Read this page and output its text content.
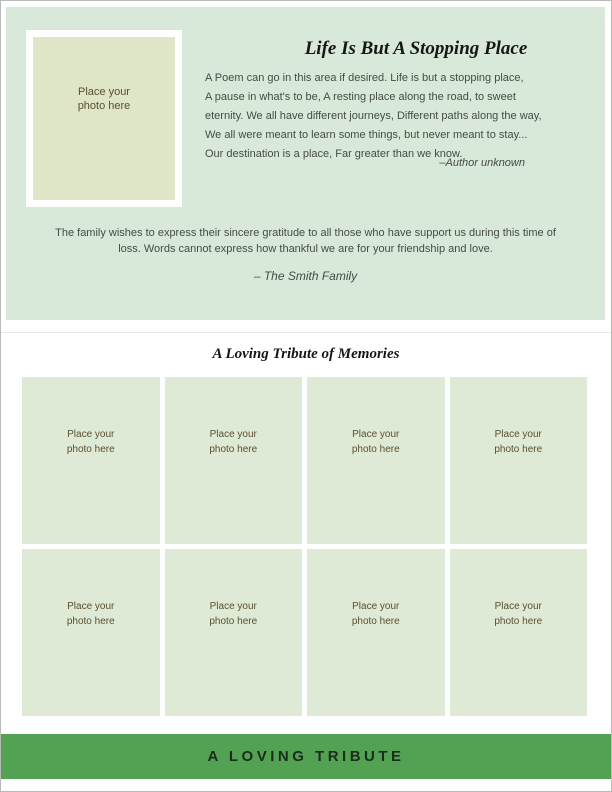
Place your
photo here
Life Is But A Stopping Place
A Poem can go in this area if desired. Life is but a stopping place,
A pause in what's to be, A resting place along the road, to sweet
eternity. We all have different journeys, Different paths along the way,
We all were meant to learn some things, but never meant to stay...
Our destination is a place, Far greater than we know.
–Author unknown
The family wishes to express their sincere gratitude to all those who have support us during this time of
loss. Words cannot express how thankful we are for your friendship and love.
– The Smith Family
A Loving Tribute of Memories
Place your
photo here
Place your
photo here
Place your
photo here
Place your
photo here
Place your
photo here
Place your
photo here
Place your
photo here
Place your
photo here
A LOVING TRIBUTE
